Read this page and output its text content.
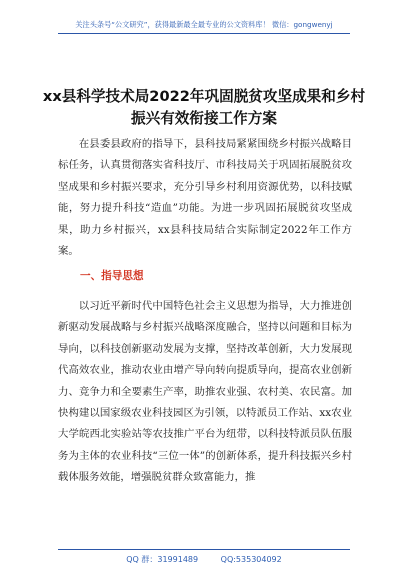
关注头条号“公文研究”，获得最新最全最专业的公文资料库！ 微信：gongwenyj
xx县科学技术局2022年巩固脱贫攻坚成果和乡村振兴有效衔接工作方案

在县委县政府的指导下，县科技局紧紧围绕乡村振兴战略目标任务，认真贯彻落实省科技厅、市科技局关于巩固拓展脱贫攻坚成果和乡村振兴要求，充分引导乡村利用资源优势，以科技赋能，努力提升科技“造血”功能。为进一步巩固拓展脱贫攻坚成果，助力乡村振兴，xx县科技局结合实际制定2022年工作方案。

一、指导思想

以习近平新时代中国特色社会主义思想为指导，大力推进创新驱动发展战略与乡村振兴战略深度融合，坚持以问题和目标为导向，以科技创新驱动发展为支撑，坚持改革创新，大力发展现代高效农业，推动农业由增产导向转向提质导向，提高农业创新力、竞争力和全要素生产率，助推农业强、农村美、农民富。加快构建以国家级农业科技园区为引领，以特派员工作站、xx农业大学皖西北实验站等农技推广平台为纽带，以科技特派员队伍服务为主体的农业科技“三位一体”的创新体系，提升科技振兴乡村载体服务效能，增强脱贫群众致富能力，推

QQ 群：31991489	QQ:535304092
